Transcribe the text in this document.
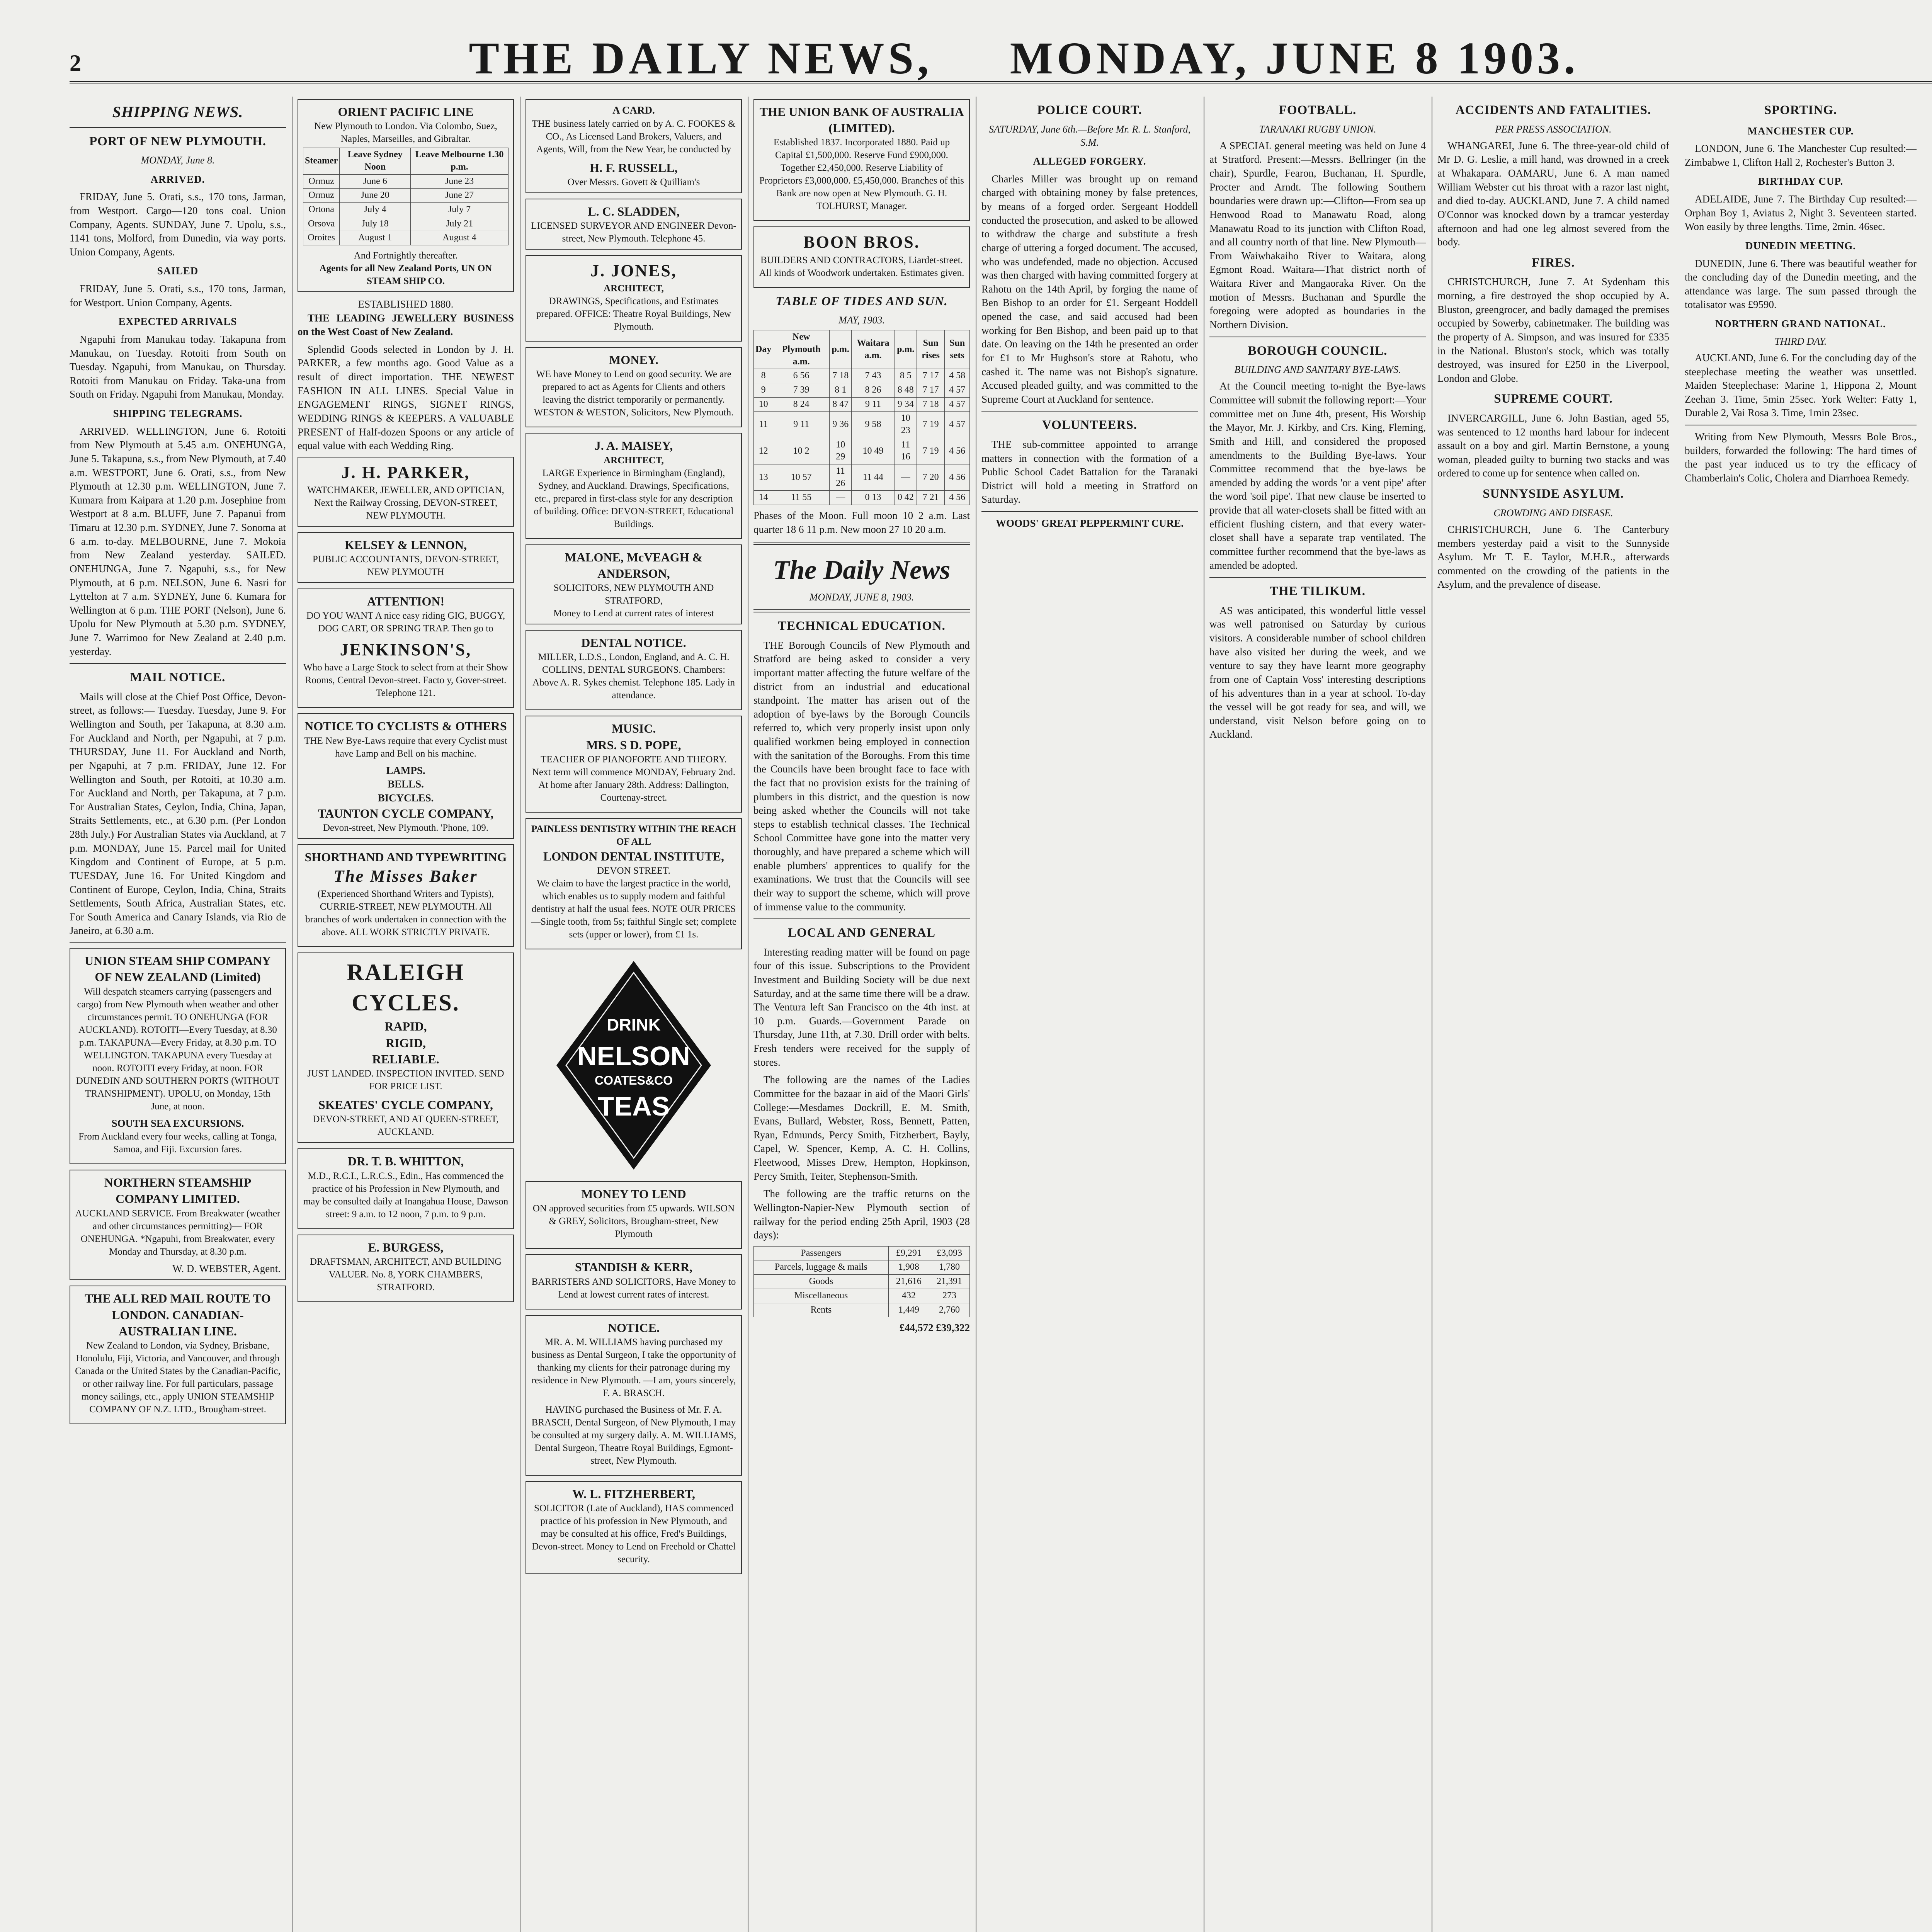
2	THE DAILY NEWS, MONDAY, JUNE 8 1903.
SHIPPING NEWS.
PORT OF NEW PLYMOUTH.
MONDAY, June 8.
ARRIVED.

FRIDAY, June 5. Orati, s.s., 170 tons, Jarman, from Westport. Cargo—120 tons coal. Union Company, Agents. SUNDAY, June 7. Upolu, s.s., 1141 tons, Molford, from Dunedin, via way ports. Union Company, Agents.

SAILED

FRIDAY, June 5. Orati, s.s., 170 tons, Jarman, for Westport. Union Company, Agents.

EXPECTED ARRIVALS

Ngapuhi from Manukau today. Takapuna from Manukau, on Tuesday. Rotoiti from South on Tuesday. Ngapuhi, from Manukau, on Thursday. Rotoiti from Manukau on Friday. Taka-una from South on Friday. Ngapuhi from Manukau, Monday.

SHIPPING TELEGRAMS.

ARRIVED. WELLINGTON, June 6. Rotoiti from New Plymouth at 5.45 a.m. ONEHUNGA, June 5. Takapuna, s.s., from New Plymouth, at 7.40 a.m. WESTPORT, June 6. Orati, s.s., from New Plymouth at 12.30 p.m. WELLINGTON, June 7. Kumara from Kaipara at 1.20 p.m. Josephine from Westport at 8 a.m. BLUFF, June 7. Papanui from Timaru at 12.30 p.m. SYDNEY, June 7. Sonoma at 6 a.m. to-day. MELBOURNE, June 7. Mokoia from New Zealand yesterday. SAILED. ONEHUNGA, June 7. Ngapuhi, s.s., for New Plymouth, at 6 p.m. NELSON, June 6. Nasri for Lyttelton at 7 a.m. SYDNEY, June 6. Kumara for Wellington at 6 p.m. THE PORT (Nelson), June 6. Upolu for New Plymouth at 5.30 p.m. SYDNEY, June 7. Warrimoo for New Zealand at 2.40 p.m. yesterday.

MAIL NOTICE.

Mails will close at the Chief Post Office, Devon-street, as follows:— Tuesday. Tuesday, June 9. For Wellington and South, per Takapuna, at 8.30 a.m. For Auckland and North, per Ngapuhi, at 7 p.m. THURSDAY, June 11. For Auckland and North, per Ngapuhi, at 7 p.m. FRIDAY, June 12. For Wellington and South, per Rotoiti, at 10.30 a.m. For Auckland and North, per Takapuna, at 7 p.m. For Australian States, Ceylon, India, China, Japan, Straits Settlements, etc., at 6.30 p.m. (Per London 28th July.) For Australian States via Auckland, at 7 p.m. MONDAY, June 15. Parcel mail for United Kingdom and Continent of Europe, at 5 p.m. TUESDAY, June 16. For United Kingdom and Continent of Europe, Ceylon, India, China, Straits Settlements, South Africa, Australian States, etc. For South America and Canary Islands, via Rio de Janeiro, at 6.30 a.m.

UNION STEAM SHIP COMPANY OF NEW ZEALAND (Limited)

Will despatch steamers carrying (passengers and cargo) from New Plymouth when weather and other circumstances permit. TO ONEHUNGA (FOR AUCKLAND). ROTOITI—Every Tuesday, at 8.30 p.m. TAKAPUNA—Every Friday, at 8.30 p.m. TO WELLINGTON. TAKAPUNA every Tuesday at noon. ROTOITI every Friday, at noon. FOR DUNEDIN AND SOUTHERN PORTS (WITHOUT TRANSHIPMENT). UPOLU, on Monday, 15th June, at noon.

SOUTH SEA EXCURSIONS.

From Auckland every four weeks, calling at Tonga, Samoa, and Fiji. Excursion fares.

NORTHERN STEAMSHIP COMPANY LIMITED.

AUCKLAND SERVICE. From Breakwater (weather and other circumstances permitting)— FOR ONEHUNGA. *Ngapuhi, from Breakwater, every Monday and Thursday, at 8.30 p.m.

W. D. WEBSTER, Agent.
THE ALL RED MAIL ROUTE TO LONDON. CANADIAN-AUSTRALIAN LINE.

New Zealand to London, via Sydney, Brisbane, Honolulu, Fiji, Victoria, and Vancouver, and through Canada or the United States by the Canadian-Pacific, or other railway line. For full particulars, passage money sailings, etc., apply UNION STEAMSHIP COMPANY OF N.Z. LTD., Brougham-street.

ORIENT PACIFIC LINE
New Plymouth to London. Via Colombo, Suez, Naples, Marseilles, and Gibraltar.
Steamer	Leave Sydney Noon	Leave Melbourne 1.30 p.m.
Ormuz	June 6	June 23
Ormuz	June 20	June 27
Ortona	July 4	July 7
Orsova	July 18	July 21
Oroites	August 1	August 4
And Fortnightly thereafter.
Agents for all New Zealand Ports, UN ON STEAM SHIP CO.
ESTABLISHED 1880.

THE LEADING JEWELLERY BUSINESS on the West Coast of New Zealand.

Splendid Goods selected in London by J. H. PARKER, a few months ago. Good Value as a result of direct importation. THE NEWEST FASHION IN ALL LINES. Special Value in ENGAGEMENT RINGS, SIGNET RINGS, WEDDING RINGS & KEEPERS. A VALUABLE PRESENT of Half-dozen Spoons or any article of equal value with each Wedding Ring.

J. H. PARKER,
WATCHMAKER, JEWELLER, AND OPTICIAN,
Next the Railway Crossing, DEVON-STREET, NEW PLYMOUTH.
KELSEY & LENNON,
PUBLIC ACCOUNTANTS, DEVON-STREET, NEW PLYMOUTH
ATTENTION!

DO YOU WANT A nice easy riding GIG, BUGGY, DOG CART, OR SPRING TRAP. Then go to

JENKINSON'S,

Who have a Large Stock to select from at their Show Rooms, Central Devon-street. Facto y, Gover-street. Telephone 121.

NOTICE TO CYCLISTS & OTHERS

THE New Bye-Laws require that every Cyclist must have Lamp and Bell on his machine.

LAMPS.
BELLS.
BICYCLES.
TAUNTON CYCLE COMPANY,
Devon-street, New Plymouth. 'Phone, 109.
SHORTHAND AND TYPEWRITING
The Misses Baker

(Experienced Shorthand Writers and Typists), CURRIE-STREET, NEW PLYMOUTH. All branches of work undertaken in connection with the above. ALL WORK STRICTLY PRIVATE.

RALEIGH CYCLES.
RAPID,
RIGID,
RELIABLE.

JUST LANDED. INSPECTION INVITED. SEND FOR PRICE LIST.

SKEATES' CYCLE COMPANY,
DEVON-STREET, AND AT QUEEN-STREET, AUCKLAND.
DR. T. B. WHITTON,

M.D., R.C.I., L.R.C.S., Edin., Has commenced the practice of his Profession in New Plymouth, and may be consulted daily at Inangahua House, Dawson street: 9 a.m. to 12 noon, 7 p.m. to 9 p.m.

E. BURGESS,

DRAFTSMAN, ARCHITECT, AND BUILDING VALUER. No. 8, YORK CHAMBERS, STRATFORD.

A CARD.

THE business lately carried on by A. C. FOOKES & CO., As Licensed Land Brokers, Valuers, and Agents, Will, from the New Year, be conducted by

H. F. RUSSELL,
Over Messrs. Govett & Quilliam's
L. C. SLADDEN,
LICENSED SURVEYOR AND ENGINEER Devon-street, New Plymouth. Telephone 45.
J. JONES,
ARCHITECT,

DRAWINGS, Specifications, and Estimates prepared. OFFICE: Theatre Royal Buildings, New Plymouth.

MONEY.

WE have Money to Lend on good security. We are prepared to act as Agents for Clients and others leaving the district temporarily or permanently. WESTON & WESTON, Solicitors, New Plymouth.

J. A. MAISEY,
ARCHITECT,

LARGE Experience in Birmingham (England), Sydney, and Auckland. Drawings, Specifications, etc., prepared in first-class style for any description of building. Office: DEVON-STREET, Educational Buildings.

MALONE, McVEAGH & ANDERSON,
SOLICITORS, NEW PLYMOUTH AND STRATFORD,
Money to Lend at current rates of interest
DENTAL NOTICE.

MILLER, L.D.S., London, England, and A. C. H. COLLINS, DENTAL SURGEONS. Chambers: Above A. R. Sykes chemist. Telephone 185. Lady in attendance.

MUSIC.
MRS. S D. POPE,

TEACHER OF PIANOFORTE AND THEORY. Next term will commence MONDAY, February 2nd. At home after January 28th. Address: Dallington, Courtenay-street.

PAINLESS DENTISTRY WITHIN THE REACH OF ALL
LONDON DENTAL INSTITUTE,
DEVON STREET.

We claim to have the largest practice in the world, which enables us to supply modern and faithful dentistry at half the usual fees. NOTE OUR PRICES—Single tooth, from 5s; faithful Single set; complete sets (upper or lower), from £1 1s.

DRINK
NELSON
COATES&CO
TEAS
MONEY TO LEND

ON approved securities from £5 upwards. WILSON & GREY, Solicitors, Brougham-street, New Plymouth

STANDISH & KERR,

BARRISTERS AND SOLICITORS, Have Money to Lend at lowest current rates of interest.

NOTICE.

MR. A. M. WILLIAMS having purchased my business as Dental Surgeon, I take the opportunity of thanking my clients for their patronage during my residence in New Plymouth. —I am, yours sincerely, F. A. BRASCH.

HAVING purchased the Business of Mr. F. A. BRASCH, Dental Surgeon, of New Plymouth, I may be consulted at my surgery daily. A. M. WILLIAMS, Dental Surgeon, Theatre Royal Buildings, Egmont-street, New Plymouth.

W. L. FITZHERBERT,

SOLICITOR (Late of Auckland), HAS commenced practice of his profession in New Plymouth, and may be consulted at his office, Fred's Buildings, Devon-street. Money to Lend on Freehold or Chattel security.

THE UNION BANK OF AUSTRALIA (LIMITED).

Established 1837. Incorporated 1880. Paid up Capital £1,500,000. Reserve Fund £900,000. Together £2,450,000. Reserve Liability of Proprietors £3,000,000. £5,450,000. Branches of this Bank are now open at New Plymouth. G. H. TOLHURST, Manager.

BOON BROS.

BUILDERS AND CONTRACTORS, Liardet-street. All kinds of Woodwork undertaken. Estimates given.

TABLE OF TIDES AND SUN.
MAY, 1903.
Day	New Plymouth a.m.	p.m.	Waitara a.m.	p.m.	Sun rises	Sun sets
8	6 56	7 18	7 43	8 5	7 17	4 58
9	7 39	8 1	8 26	8 48	7 17	4 57
10	8 24	8 47	9 11	9 34	7 18	4 57
11	9 11	9 36	9 58	10 23	7 19	4 57
12	10 2	10 29	10 49	11 16	7 19	4 56
13	10 57	11 26	11 44	—	7 20	4 56
14	11 55	—	0 13	0 42	7 21	4 56

Phases of the Moon. Full moon 10 2 a.m. Last quarter 18 6 11 p.m. New moon 27 10 20 a.m.

The Daily News
MONDAY, JUNE 8, 1903.
TECHNICAL EDUCATION.

THE Borough Councils of New Plymouth and Stratford are being asked to consider a very important matter affecting the future welfare of the district from an industrial and educational standpoint. The matter has arisen out of the adoption of bye-laws by the Borough Councils referred to, which very properly insist upon only qualified workmen being employed in connection with the sanitation of the Boroughs. From this time the Councils have been brought face to face with the fact that no provision exists for the training of plumbers in this district, and the question is now being asked whether the Councils will not take steps to establish technical classes. The Technical School Committee have gone into the matter very thoroughly, and have prepared a scheme which will enable plumbers' apprentices to qualify for the examinations. We trust that the Councils will see their way to support the scheme, which will prove of immense value to the community.

LOCAL AND GENERAL

Interesting reading matter will be found on page four of this issue. Subscriptions to the Provident Investment and Building Society will be due next Saturday, and at the same time there will be a draw. The Ventura left San Francisco on the 4th inst. at 10 p.m. Guards.—Government Parade on Thursday, June 11th, at 7.30. Drill order with belts. Fresh tenders were received for the supply of stores.

The following are the names of the Ladies Committee for the bazaar in aid of the Maori Girls' College:—Mesdames Dockrill, E. M. Smith, Evans, Bullard, Webster, Ross, Bennett, Patten, Ryan, Edmunds, Percy Smith, Fitzherbert, Bayly, Capel, W. Spencer, Kemp, A. C. H. Collins, Fleetwood, Misses Drew, Hempton, Hopkinson, Percy Smith, Teiter, Stephenson-Smith.

The following are the traffic returns on the Wellington-Napier-New Plymouth section of railway for the period ending 25th April, 1903 (28 days):

Passengers	£9,291	£3,093
Parcels, luggage & mails	1,908	1,780
Goods	21,616	21,391
Miscellaneous	432	273
Rents	1,449	2,760
£44,572 £39,322
POLICE COURT.
SATURDAY, June 6th.—Before Mr. R. L. Stanford, S.M.
ALLEGED FORGERY.

Charles Miller was brought up on remand charged with obtaining money by false pretences, by means of a forged order. Sergeant Hoddell conducted the prosecution, and asked to be allowed to withdraw the charge and substitute a fresh charge of uttering a forged document. The accused, who was undefended, made no objection. Accused was then charged with having committed forgery at Rahotu on the 14th April, by forging the name of Ben Bishop to an order for £1. Sergeant Hoddell opened the case, and said accused had been working for Ben Bishop, and been paid up to that date. On leaving on the 14th he presented an order for £1 to Mr Hughson's store at Rahotu, who cashed it. The name was not Bishop's signature. Accused pleaded guilty, and was committed to the Supreme Court at Auckland for sentence.

VOLUNTEERS.

THE sub-committee appointed to arrange matters in connection with the formation of a Public School Cadet Battalion for the Taranaki District will hold a meeting in Stratford on Saturday.

WOODS' GREAT PEPPERMINT CURE.
FOOTBALL.
TARANAKI RUGBY UNION.

A SPECIAL general meeting was held on June 4 at Stratford. Present:—Messrs. Bellringer (in the chair), Spurdle, Fearon, Buchanan, H. Spurdle, Procter and Arndt. The following Southern boundaries were drawn up:—Clifton—From sea up Henwood Road to Manawatu Road, along Manawatu Road to its junction with Clifton Road, and all country north of that line. New Plymouth—From Waiwhakaiho River to Waitara, along Egmont Road. Waitara—That district north of Waitara River and Mangaoraka River. On the motion of Messrs. Buchanan and Spurdle the foregoing were adopted as boundaries in the Northern Division.

BOROUGH COUNCIL.
BUILDING AND SANITARY BYE-LAWS.

At the Council meeting to-night the Bye-laws Committee will submit the following report:—Your committee met on June 4th, present, His Worship the Mayor, Mr. J. Kirkby, and Crs. King, Fleming, Smith and Hill, and considered the proposed amendments to the Building Bye-laws. Your Committee recommend that the bye-laws be amended by adding the words 'or a vent pipe' after the word 'soil pipe'. That new clause be inserted to provide that all water-closets shall be fitted with an efficient flushing cistern, and that every water-closet shall have a separate trap ventilated. The committee further recommend that the bye-laws as amended be adopted.

THE TILIKUM.

AS was anticipated, this wonderful little vessel was well patronised on Saturday by curious visitors. A considerable number of school children have also visited her during the week, and we venture to say they have learnt more geography from one of Captain Voss' interesting descriptions of his adventures than in a year at school. To-day the vessel will be got ready for sea, and will, we understand, visit Nelson before going on to Auckland.

ACCIDENTS AND FATALITIES.
PER PRESS ASSOCIATION.

WHANGAREI, June 6. The three-year-old child of Mr D. G. Leslie, a mill hand, was drowned in a creek at Whakapara. OAMARU, June 6. A man named William Webster cut his throat with a razor last night, and died to-day. AUCKLAND, June 7. A child named O'Connor was knocked down by a tramcar yesterday afternoon and had one leg almost severed from the body.

FIRES.

CHRISTCHURCH, June 7. At Sydenham this morning, a fire destroyed the shop occupied by A. Bluston, greengrocer, and badly damaged the premises occupied by Sowerby, cabinetmaker. The building was the property of A. Simpson, and was insured for £335 in the National. Bluston's stock, which was totally destroyed, was insured for £250 in the Liverpool, London and Globe.

SUPREME COURT.

INVERCARGILL, June 6. John Bastian, aged 55, was sentenced to 12 months hard labour for indecent assault on a boy and girl. Martin Bernstone, a young woman, pleaded guilty to burning two stacks and was ordered to come up for sentence when called on.

SUNNYSIDE ASYLUM.
CROWDING AND DISEASE.

CHRISTCHURCH, June 6. The Canterbury members yesterday paid a visit to the Sunnyside Asylum. Mr T. E. Taylor, M.H.R., afterwards commented on the crowding of the patients in the Asylum, and the prevalence of disease.

SPORTING.
MANCHESTER CUP.

LONDON, June 6. The Manchester Cup resulted:—Zimbabwe 1, Clifton Hall 2, Rochester's Button 3.

BIRTHDAY CUP.

ADELAIDE, June 7. The Birthday Cup resulted:—Orphan Boy 1, Aviatus 2, Night 3. Seventeen started. Won easily by three lengths. Time, 2min. 46sec.

DUNEDIN MEETING.

DUNEDIN, June 6. There was beautiful weather for the concluding day of the Dunedin meeting, and the attendance was large. The sum passed through the totalisator was £9590.

NORTHERN GRAND NATIONAL.
THIRD DAY.

AUCKLAND, June 6. For the concluding day of the steeplechase meeting the weather was unsettled. Maiden Steeplechase: Marine 1, Hippona 2, Mount Zeehan 3. Time, 5min 25sec. York Welter: Fatty 1, Durable 2, Vai Rosa 3. Time, 1min 23sec.

Writing from New Plymouth, Messrs Bole Bros., builders, forwarded the following: The hard times of the past year induced us to try the efficacy of Chamberlain's Colic, Cholera and Diarrhoea Remedy.
